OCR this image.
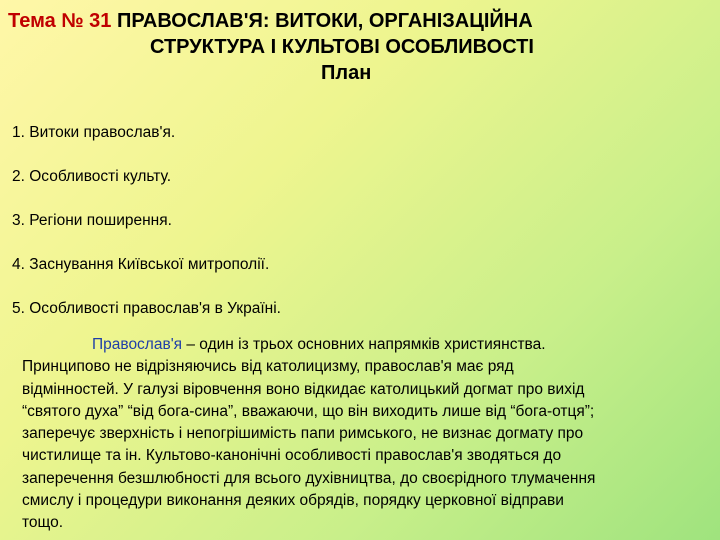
Тема № 31 ПРАВОСЛАВ'Я: ВИТОКИ, ОРГАНІЗАЦІЙНА
СТРУКТУРА І КУЛЬТОВІ ОСОБЛИВОСТІ
План
1. Витоки православ'я.
2. Особливості культу.
3. Регіони поширення.
4. Заснування Київської митрополії.
5. Особливості православ'я в Україні.
Православ'я – один із трьох основних напрямків християнства.
Принципово не відрізняючись від католицизму, православ'я має ряд
відмінностей. У галузі віровчення воно відкидає католицький догмат про вихід
“святого духа” “від бога-сина”, вважаючи, що він виходить лише від “бога-отця”;
заперечує зверхність і непогрішимість папи римського, не визнає догмату про
чистилище та ін. Культово-канонічні особливості православ'я зводяться до
заперечення безшлюбності для всього духівництва, до своєрідного тлумачення
смислу і процедури виконання деяких обрядів, порядку церковної відправи
тощо.
